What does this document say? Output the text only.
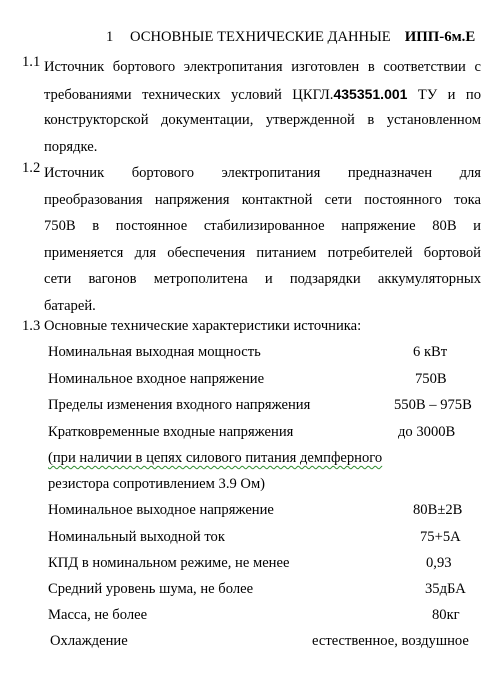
1 ОСНОВНЫЕ ТЕХНИЧЕСКИЕ ДАННЫЕ ИПП-6м.Е
1.1 Источник бортового электропитания изготовлен в соответствии с
требованиями технических условий ЦКГЛ.435351.001 ТУ и по
конструкторской документации, утвержденной в установленном
порядке.
1.2 Источник бортового электропитания предназначен для
преобразования напряжения контактной сети постоянного тока
750В в постоянное стабилизированное напряжение 80В и
применяется для обеспечения питанием потребителей бортовой
сети вагонов метрополитена и подзарядки аккумуляторных
батарей.
1.3 Основные технические характеристики источника:
Номинальная выходная мощность	6 кВт
Номинальное входное напряжение	750В
Пределы изменения входного напряжения	550В – 975В
Кратковременные входные напряжения	до 3000В
(при наличии в цепях силового питания демпферного
резистора сопротивлением 3.9 Ом)
Номинальное выходное напряжение	80В±2В
Номинальный выходной ток	75+5А
КПД в номинальном режиме, не менее	0,93
Средний уровень шума, не более	35дБА
Масса, не более	80кг
Охлаждение	естественное, воздушное
